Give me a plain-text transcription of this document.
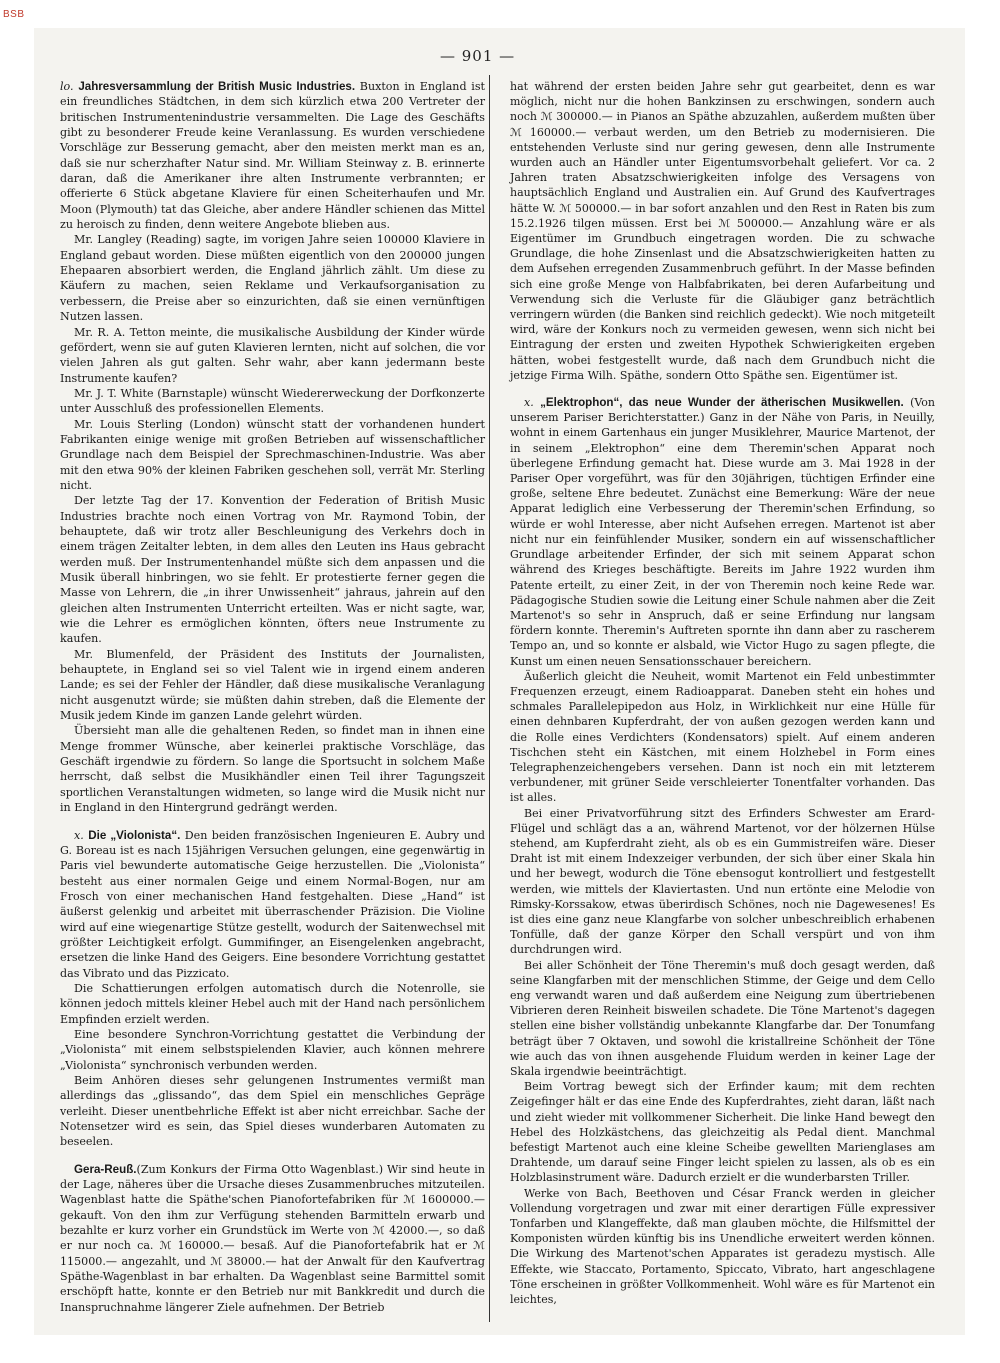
BSB
— 901 —

lo. Jahresversammlung der British Music Industries. Buxton in England ist ein freundliches Städtchen, in dem sich kürzlich etwa 200 Vertreter der britischen Instrumentenindustrie versammelten. Die Lage des Geschäfts gibt zu besonderer Freude keine Veranlassung. Es wurden verschiedene Vorschläge zur Besserung gemacht, aber den meisten merkt man es an, daß sie nur scherzhafter Natur sind. Mr. William Steinway z. B. erinnerte daran, daß die Amerikaner ihre alten Instrumente verbrannten; er offerierte 6 Stück abgetane Klaviere für einen Scheiterhaufen und Mr. Moon (Plymouth) tat das Gleiche, aber andere Händler schienen das Mittel zu heroisch zu finden, denn weitere Angebote blieben aus.

Mr. Langley (Reading) sagte, im vorigen Jahre seien 100000 Klaviere in England gebaut worden. Diese müßten eigentlich von den 200000 jungen Ehepaaren absorbiert werden, die England jährlich zählt. Um diese zu Käufern zu machen, seien Reklame und Verkaufsorganisation zu verbessern, die Preise aber so einzurichten, daß sie einen vernünftigen Nutzen lassen.

Mr. R. A. Tetton meinte, die musikalische Ausbildung der Kinder würde gefördert, wenn sie auf guten Klavieren lernten, nicht auf solchen, die vor vielen Jahren als gut galten. Sehr wahr, aber kann jedermann beste Instrumente kaufen?

Mr. J. T. White (Barnstaple) wünscht Wiedererweckung der Dorfkonzerte unter Ausschluß des professionellen Elements.

Mr. Louis Sterling (London) wünscht statt der vorhandenen hundert Fabrikanten einige wenige mit großen Betrieben auf wissenschaftlicher Grundlage nach dem Beispiel der Sprechmaschinen-Industrie. Was aber mit den etwa 90% der kleinen Fabriken geschehen soll, verrät Mr. Sterling nicht.

Der letzte Tag der 17. Konvention der Federation of British Music Industries brachte noch einen Vortrag von Mr. Raymond Tobin, der behauptete, daß wir trotz aller Beschleunigung des Verkehrs doch in einem trägen Zeitalter lebten, in dem alles den Leuten ins Haus gebracht werden muß. Der Instrumentenhandel müßte sich dem anpassen und die Musik überall hinbringen, wo sie fehlt. Er protestierte ferner gegen die Masse von Lehrern, die „in ihrer Unwissenheit“ jahraus, jahrein auf den gleichen alten Instrumenten Unterricht erteilten. Was er nicht sagte, war, wie die Lehrer es ermöglichen könnten, öfters neue Instrumente zu kaufen.

Mr. Blumenfeld, der Präsident des Instituts der Journalisten, behauptete, in England sei so viel Talent wie in irgend einem anderen Lande; es sei der Fehler der Händler, daß diese musikalische Veranlagung nicht ausgenutzt würde; sie müßten dahin streben, daß die Elemente der Musik jedem Kinde im ganzen Lande gelehrt würden.

Übersieht man alle die gehaltenen Reden, so findet man in ihnen eine Menge frommer Wünsche, aber keinerlei praktische Vorschläge, das Geschäft irgendwie zu fördern. So lange die Sportsucht in solchem Maße herrscht, daß selbst die Musikhändler einen Teil ihrer Tagungszeit sportlichen Veranstaltungen widmeten, so lange wird die Musik nicht nur in England in den Hintergrund gedrängt werden.

x. Die „Violonista“. Den beiden französischen Ingenieuren E. Aubry und G. Boreau ist es nach 15jährigen Versuchen gelungen, eine gegenwärtig in Paris viel bewunderte automatische Geige herzustellen. Die „Violonista“ besteht aus einer normalen Geige und einem Normal-Bogen, nur am Frosch von einer mechanischen Hand festgehalten. Diese „Hand“ ist äußerst gelenkig und arbeitet mit überraschender Präzision. Die Violine wird auf eine wiegenartige Stütze gestellt, wodurch der Saitenwechsel mit größter Leichtigkeit erfolgt. Gummifinger, an Eisengelenken angebracht, ersetzen die linke Hand des Geigers. Eine besondere Vorrichtung gestattet das Vibrato und das Pizzicato.

Die Schattierungen erfolgen automatisch durch die Notenrolle, sie können jedoch mittels kleiner Hebel auch mit der Hand nach persönlichem Empfinden erzielt werden.

Eine besondere Synchron-Vorrichtung gestattet die Verbindung der „Violonista“ mit einem selbstspielenden Klavier, auch können mehrere „Violonista“ synchronisch verbunden werden.

Beim Anhören dieses sehr gelungenen Instrumentes vermißt man allerdings das „glissando“, das dem Spiel ein menschliches Gepräge verleiht. Dieser unentbehrliche Effekt ist aber nicht erreichbar. Sache der Notensetzer wird es sein, das Spiel dieses wunderbaren Automaten zu beseelen.

Gera-Reuß.(Zum Konkurs der Firma Otto Wagenblast.) Wir sind heute in der Lage, näheres über die Ursache dieses Zusammenbruches mitzuteilen. Wagenblast hatte die Späthe'schen Pianofortefabriken für ℳ 1600000.— gekauft. Von den ihm zur Verfügung stehenden Barmitteln erwarb und bezahlte er kurz vorher ein Grundstück im Werte von ℳ 42000.—, so daß er nur noch ca. ℳ 160000.— besaß. Auf die Pianofortefabrik hat er ℳ 115000.— angezahlt, und ℳ 38000.— hat der Anwalt für den Kaufvertrag Späthe-Wagenblast in bar erhalten. Da Wagenblast seine Barmittel somit erschöpft hatte, konnte er den Betrieb nur mit Bankkredit und durch die Inanspruchnahme längerer Ziele aufnehmen. Der Betrieb

hat während der ersten beiden Jahre sehr gut gearbeitet, denn es war möglich, nicht nur die hohen Bankzinsen zu erschwingen, sondern auch noch ℳ 300000.— in Pianos an Späthe abzuzahlen, außerdem mußten über ℳ 160000.— verbaut werden, um den Betrieb zu modernisieren. Die entstehenden Verluste sind nur gering gewesen, denn alle Instrumente wurden auch an Händler unter Eigentumsvorbehalt geliefert. Vor ca. 2 Jahren traten Absatzschwierigkeiten infolge des Versagens von hauptsächlich England und Australien ein. Auf Grund des Kaufvertrages hätte W. ℳ 500000.— in bar sofort anzahlen und den Rest in Raten bis zum 15.2.1926 tilgen müssen. Erst bei ℳ 500000.— Anzahlung wäre er als Eigentümer im Grundbuch eingetragen worden. Die zu schwache Grundlage, die hohe Zinsenlast und die Absatzschwierigkeiten hatten zu dem Aufsehen erregenden Zusammenbruch geführt. In der Masse befinden sich eine große Menge von Halbfabrikaten, bei deren Aufarbeitung und Verwendung sich die Verluste für die Gläubiger ganz beträchtlich verringern würden (die Banken sind reichlich gedeckt). Wie noch mitgeteilt wird, wäre der Konkurs noch zu vermeiden gewesen, wenn sich nicht bei Eintragung der ersten und zweiten Hypothek Schwierigkeiten ergeben hätten, wobei festgestellt wurde, daß nach dem Grundbuch nicht die jetzige Firma Wilh. Späthe, sondern Otto Späthe sen. Eigentümer ist.

x. „Elektrophon“, das neue Wunder der ätherischen Musikwellen. (Von unserem Pariser Berichterstatter.) Ganz in der Nähe von Paris, in Neuilly, wohnt in einem Gartenhaus ein junger Musiklehrer, Maurice Martenot, der in seinem „Elektrophon“ eine dem Theremin'schen Apparat noch überlegene Erfindung gemacht hat. Diese wurde am 3. Mai 1928 in der Pariser Oper vorgeführt, was für den 30jährigen, tüchtigen Erfinder eine große, seltene Ehre bedeutet. Zunächst eine Bemerkung: Wäre der neue Apparat lediglich eine Verbesserung der Theremin'schen Erfindung, so würde er wohl Interesse, aber nicht Aufsehen erregen. Martenot ist aber nicht nur ein feinfühlender Musiker, sondern ein auf wissenschaftlicher Grundlage arbeitender Erfinder, der sich mit seinem Apparat schon während des Krieges beschäftigte. Bereits im Jahre 1922 wurden ihm Patente erteilt, zu einer Zeit, in der von Theremin noch keine Rede war. Pädagogische Studien sowie die Leitung einer Schule nahmen aber die Zeit Martenot's so sehr in Anspruch, daß er seine Erfindung nur langsam fördern konnte. Theremin's Auftreten spornte ihn dann aber zu rascherem Tempo an, und so konnte er alsbald, wie Victor Hugo zu sagen pflegte, die Kunst um einen neuen Sensationsschauer bereichern.

Äußerlich gleicht die Neuheit, womit Martenot ein Feld unbestimmter Frequenzen erzeugt, einem Radioapparat. Daneben steht ein hohes und schmales Parallelepipedon aus Holz, in Wirklichkeit nur eine Hülle für einen dehnbaren Kupferdraht, der von außen gezogen werden kann und die Rolle eines Verdichters (Kondensators) spielt. Auf einem anderen Tischchen steht ein Kästchen, mit einem Holzhebel in Form eines Telegraphenzeichengebers versehen. Dann ist noch ein mit letzterem verbundener, mit grüner Seide verschleierter Tonentfalter vorhanden. Das ist alles.

Bei einer Privatvorführung sitzt des Erfinders Schwester am Erard-Flügel und schlägt das a an, während Martenot, vor der hölzernen Hülse stehend, am Kupferdraht zieht, als ob es ein Gummistreifen wäre. Dieser Draht ist mit einem Indexzeiger verbunden, der sich über einer Skala hin und her bewegt, wodurch die Töne ebensogut kontrolliert und festgestellt werden, wie mittels der Klaviertasten. Und nun ertönte eine Melodie von Rimsky-Korssakow, etwas überirdisch Schönes, noch nie Dagewesenes! Es ist dies eine ganz neue Klangfarbe von solcher unbeschreiblich erhabenen Tonfülle, daß der ganze Körper den Schall verspürt und von ihm durchdrungen wird.

Bei aller Schönheit der Töne Theremin's muß doch gesagt werden, daß seine Klangfarben mit der menschlichen Stimme, der Geige und dem Cello eng verwandt waren und daß außerdem eine Neigung zum übertriebenen Vibrieren deren Reinheit bisweilen schadete. Die Töne Martenot's dagegen stellen eine bisher vollständig unbekannte Klangfarbe dar. Der Tonumfang beträgt über 7 Oktaven, und sowohl die kristallreine Schönheit der Töne wie auch das von ihnen ausgehende Fluidum werden in keiner Lage der Skala irgendwie beeinträchtigt.

Beim Vortrag bewegt sich der Erfinder kaum; mit dem rechten Zeigefinger hält er das eine Ende des Kupferdrahtes, zieht daran, läßt nach und zieht wieder mit vollkommener Sicherheit. Die linke Hand bewegt den Hebel des Holzkästchens, das gleichzeitig als Pedal dient. Manchmal befestigt Martenot auch eine kleine Scheibe gewellten Marienglases am Drahtende, um darauf seine Finger leicht spielen zu lassen, als ob es ein Holzblasinstrument wäre. Dadurch erzielt er die wunderbarsten Triller.

Werke von Bach, Beethoven und César Franck werden in gleicher Vollendung vorgetragen und zwar mit einer derartigen Fülle expressiver Tonfarben und Klangeffekte, daß man glauben möchte, die Hilfsmittel der Komponisten würden künftig bis ins Unendliche erweitert werden können. Die Wirkung des Martenot'schen Apparates ist geradezu mystisch. Alle Effekte, wie Staccato, Portamento, Spiccato, Vibrato, hart angeschlagene Töne erscheinen in größter Vollkommenheit. Wohl wäre es für Martenot ein leichtes,
